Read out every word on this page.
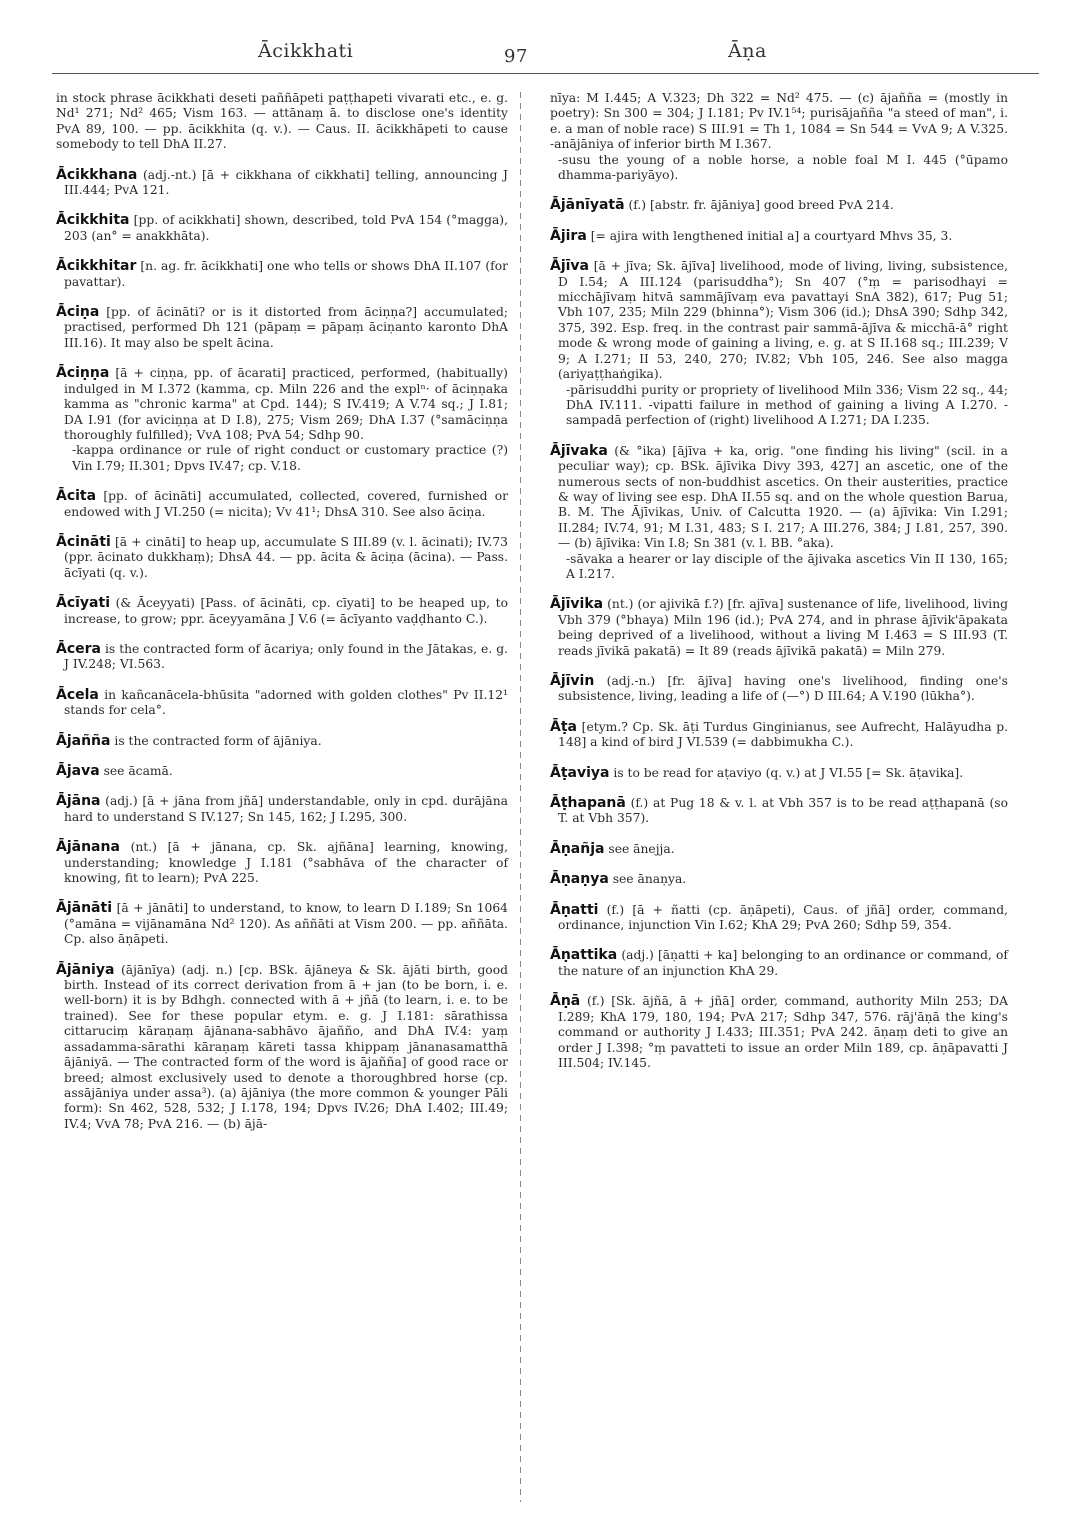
Ācikkhati	97	Āṇa

in stock phrase ācikkhati deseti paññāpeti paṭṭhapeti vivarati etc., e. g. Nd¹ 271; Nd² 465; Vism 163. — attānaṃ ā. to disclose one's identity PvA 89, 100. — pp. ācikkhita (q. v.). — Caus. II. ācikkhāpeti to cause somebody to tell DhA II.27.

Ācikkhana (adj.-nt.) [ā + cikkhana of cikkhati] telling, announcing J III.444; PvA 121.

Ācikkhita [pp. of acikkhati] shown, described, told PvA 154 (°magga), 203 (an° = anakkhāta).

Ācikkhitar [n. ag. fr. ācikkhati] one who tells or shows DhA II.107 (for pavattar).

Āciṇa [pp. of ācināti? or is it distorted from āciṇṇa?] accumulated; practised, performed Dh 121 (pāpaṃ = pāpaṃ āciṇanto karonto DhA III.16). It may also be spelt ācina.

Āciṇṇa [ā + ciṇṇa, pp. of ācarati] practiced, performed, (habitually) indulged in M I.372 (kamma, cp. Miln 226 and the explⁿ· of āciṇṇaka kamma as "chronic karma" at Cpd. 144); S IV.419; A V.74 sq.; J I.81; DA I.91 (for aviciṇṇa at D I.8), 275; Vism 269; DhA I.37 (°samāciṇṇa thoroughly fulfilled); VvA 108; PvA 54; Sdhp 90.

-kappa ordinance or rule of right conduct or customary practice (?) Vin I.79; II.301; Dpvs IV.47; cp. V.18.

Ācita [pp. of ācināti] accumulated, collected, covered, furnished or endowed with J VI.250 (= nicita); Vv 41¹; DhsA 310. See also āciṇa.

Ācināti [ā + cināti] to heap up, accumulate S III.89 (v. l. ācinati); IV.73 (ppr. ācinato dukkhaṃ); DhsA 44. — pp. ācita & āciṇa (ācina). — Pass. ācīyati (q. v.).

Ācīyati (& Āceyyati) [Pass. of ācināti, cp. cīyati] to be heaped up, to increase, to grow; ppr. āceyyamāna J V.6 (= ācīyanto vaḍḍhanto C.).

Ācera is the contracted form of ācariya; only found in the Jātakas, e. g. J IV.248; VI.563.

Ācela in kañcanācela-bhūsita "adorned with golden clothes" Pv II.12¹ stands for cela°.

Ājañña is the contracted form of ājāniya.

Ājava see ācamā.

Ājāna (adj.) [ā + jāna from jñā] understandable, only in cpd. durājāna hard to understand S IV.127; Sn 145, 162; J I.295, 300.

Ājānana (nt.) [ā + jānana, cp. Sk. ajñāna] learning, knowing, understanding; knowledge J I.181 (°sabhāva of the character of knowing, fit to learn); PvA 225.

Ājānāti [ā + jānāti] to understand, to know, to learn D I.189; Sn 1064 (°amāna = vijānamāna Nd² 120). As aññāti at Vism 200. — pp. aññāta. Cp. also āṇāpeti.

Ājāniya (ājānīya) (adj. n.) [cp. BSk. ājāneya & Sk. ājāti birth, good birth. Instead of its correct derivation from ā + jan (to be born, i. e. well-born) it is by Bdhgh. connected with ā + jñā (to learn, i. e. to be trained). See for these popular etym. e. g. J I.181: sārathissa cittaruciṃ kāraṇaṃ ājānana-sabhāvo ājañño, and DhA IV.4: yaṃ assadamma-sārathi kāraṇaṃ kāreti tassa khippaṃ jānanasamatthā ājāniyā. — The contracted form of the word is ājañña] of good race or breed; almost exclusively used to denote a thoroughbred horse (cp. assājāniya under assa³). (a) ājāniya (the more common & younger Pāli form): Sn 462, 528, 532; J I.178, 194; Dpvs IV.26; DhA I.402; III.49; IV.4; VvA 78; PvA 216. — (b) ājā-

nīya: M I.445; A V.323; Dh 322 = Nd² 475. — (c) ājañña = (mostly in poetry): Sn 300 = 304; J I.181; Pv IV.1⁵⁴; purisājañña "a steed of man", i. e. a man of noble race) S III.91 = Th 1, 1084 = Sn 544 = VvA 9; A V.325. -anājāniya of inferior birth M I.367.

-susu the young of a noble horse, a noble foal M I. 445 (°ūpamo dhamma-pariyāyo).

Ājānīyatā (f.) [abstr. fr. ājāniya] good breed PvA 214.

Ājira [= ajira with lengthened initial a] a courtyard Mhvs 35, 3.

Ājīva [ā + jīva; Sk. ājīva] livelihood, mode of living, living, subsistence, D I.54; A III.124 (parisuddha°); Sn 407 (°ṃ = parisodhayi = micchājīvaṃ hitvā sammājīvaṃ eva pavattayi SnA 382), 617; Pug 51; Vbh 107, 235; Miln 229 (bhinna°); Vism 306 (id.); DhsA 390; Sdhp 342, 375, 392. Esp. freq. in the contrast pair sammā-ājīva & micchā-ā° right mode & wrong mode of gaining a living, e. g. at S II.168 sq.; III.239; V 9; A I.271; II 53, 240, 270; IV.82; Vbh 105, 246. See also magga (ariyaṭṭhaṅgika).

-pārisuddhi purity or propriety of livelihood Miln 336; Vism 22 sq., 44; DhA IV.111. -vipatti failure in method of gaining a living A I.270. -sampadā perfection of (right) livelihood A I.271; DA I.235.

Ājīvaka (& °ika) [ājīva + ka, orig. "one finding his living" (scil. in a peculiar way); cp. BSk. ājīvika Divy 393, 427] an ascetic, one of the numerous sects of non-buddhist ascetics. On their austerities, practice & way of living see esp. DhA II.55 sq. and on the whole question Barua, B. M. The Ājīvikas, Univ. of Calcutta 1920. — (a) ājīvika: Vin I.291; II.284; IV.74, 91; M I.31, 483; S I. 217; A III.276, 384; J I.81, 257, 390. — (b) ājīvika: Vin I.8; Sn 381 (v. l. BB. °aka).

-sāvaka a hearer or lay disciple of the ājivaka ascetics Vin II 130, 165; A I.217.

Ājīvika (nt.) (or ajivikā f.?) [fr. ajīva] sustenance of life, livelihood, living Vbh 379 (°bhaya) Miln 196 (id.); PvA 274, and in phrase ājīvik'āpakata being deprived of a livelihood, without a living M I.463 = S III.93 (T. reads jīvikā pakatā) = It 89 (reads ājīvikā pakatā) = Miln 279.

Ājīvin (adj.-n.) [fr. ājīva] having one's livelihood, finding one's subsistence, living, leading a life of (—°) D III.64; A V.190 (lūkha°).

Āṭa [etym.? Cp. Sk. āṭi Turdus Ginginianus, see Aufrecht, Halāyudha p. 148] a kind of bird J VI.539 (= dabbimukha C.).

Āṭaviya is to be read for aṭaviyo (q. v.) at J VI.55 [= Sk. āṭavika].

Āṭhapanā (f.) at Pug 18 & v. l. at Vbh 357 is to be read aṭṭhapanā (so T. at Vbh 357).

Āṇañja see ānejja.

Āṇaṇya see ānaṇya.

Āṇatti (f.) [ā + ñatti (cp. āṇāpeti), Caus. of jñā] order, command, ordinance, injunction Vin I.62; KhA 29; PvA 260; Sdhp 59, 354.

Āṇattika (adj.) [āṇatti + ka] belonging to an ordinance or command, of the nature of an injunction KhA 29.

Āṇā (f.) [Sk. ājñā, ā + jñā] order, command, authority Miln 253; DA I.289; KhA 179, 180, 194; PvA 217; Sdhp 347, 576. rāj'āṇā the king's command or authority J I.433; III.351; PvA 242. āṇaṃ deti to give an order J I.398; °ṃ pavatteti to issue an order Miln 189, cp. āṇāpavatti J III.504; IV.145.
